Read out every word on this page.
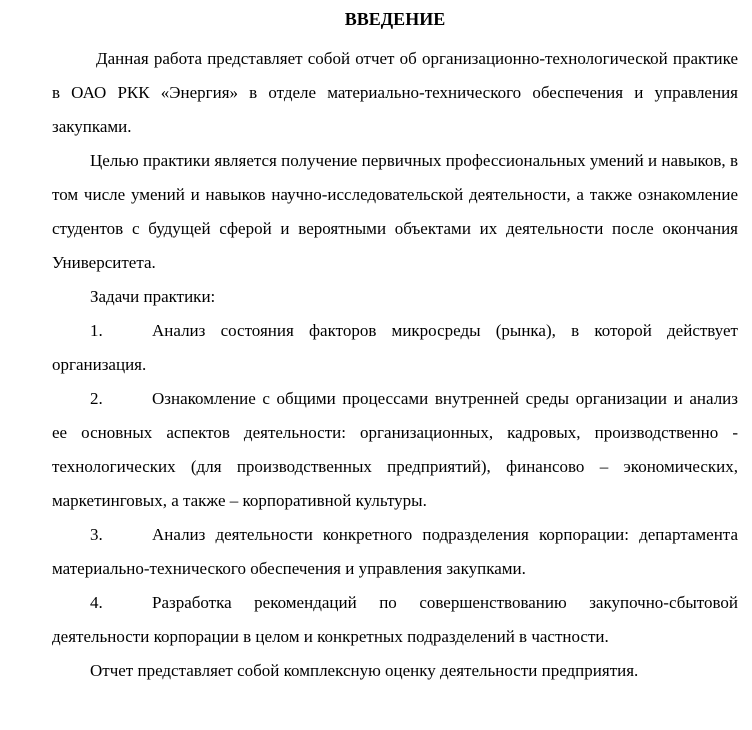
ВВЕДЕНИЕ

Данная работа представляет собой отчет об организационно-технологической практике в ОАО РКК «Энергия» в отделе материально-технического обеспечения и управления закупками.

Целью практики является получение первичных профессиональных умений и навыков, в том числе умений и навыков научно-исследовательской деятельности, а также ознакомление студентов с будущей сферой и вероятными объектами их деятельности после окончания Университета.

Задачи практики:

1.	Анализ состояния факторов микросреды (рынка), в которой действует организация.
2.	Ознакомление с общими процессами внутренней среды организации и анализ ее основных аспектов деятельности: организационных, кадровых, производственно - технологических (для производственных предприятий), финансово – экономических, маркетинговых, а также – корпоративной культуры.
3.	Анализ деятельности конкретного подразделения корпорации: департамента материально-технического обеспечения и управления закупками.
4.	Разработка рекомендаций по совершенствованию закупочно-сбытовой деятельности корпорации в целом и конкретных подразделений в частности.

Отчет представляет собой комплексную оценку деятельности предприятия.
